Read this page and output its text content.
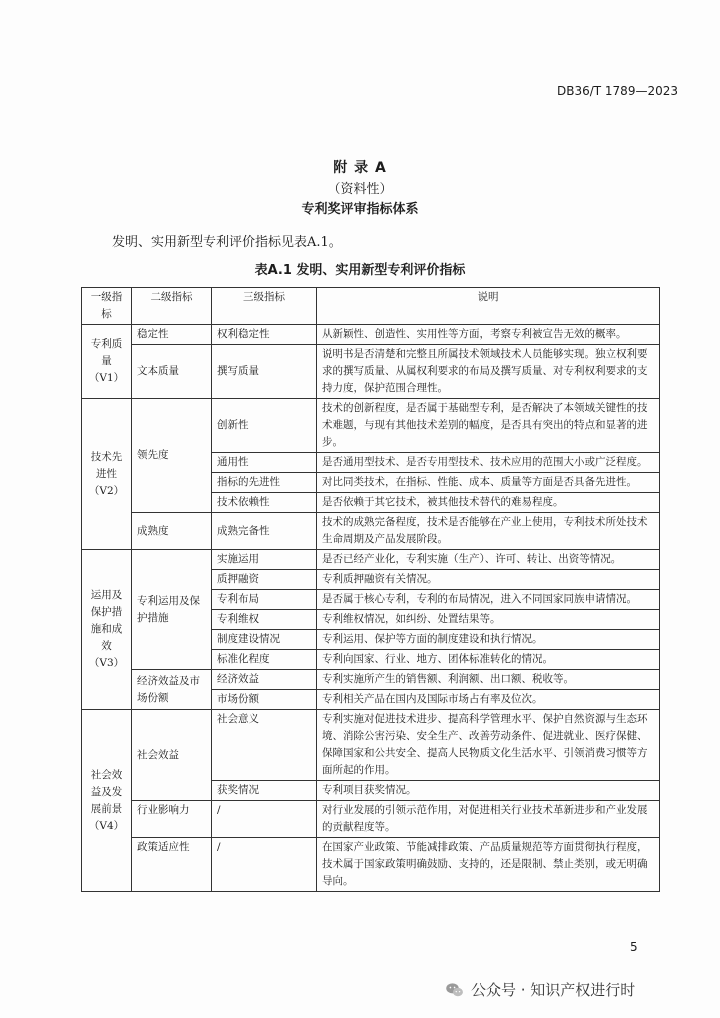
DB36/T 1789—2023
附 录 A
（资料性）
专利奖评审指标体系
发明、实用新型专利评价指标见表A.1。
表A.1 发明、实用新型专利评价指标
一级指标	二级指标	三级指标	说明
专利质量（V1）	稳定性	权利稳定性	从新颖性、创造性、实用性等方面，考察专利被宣告无效的概率。
	文本质量	撰写质量	说明书是否清楚和完整且所属技术领域技术人员能够实现。独立权利要求的撰写质量、从属权利要求的布局及撰写质量、对专利权利要求的支持力度，保护范围合理性。
技术先进性（V2）	领先度	创新性	技术的创新程度，是否属于基础型专利，是否解决了本领域关键性的技术难题，与现有其他技术差别的幅度，是否具有突出的特点和显著的进步。
		通用性	是否通用型技术、是否专用型技术、技术应用的范围大小或广泛程度。
		指标的先进性	对比同类技术，在指标、性能、成本、质量等方面是否具备先进性。
		技术依赖性	是否依赖于其它技术，被其他技术替代的难易程度。
	成熟度	成熟完备性	技术的成熟完备程度，技术是否能够在产业上使用，专利技术所处技术生命周期及产品发展阶段。
运用及保护措施和成效（V3）	专利运用及保护措施	实施运用	是否已经产业化，专利实施（生产）、许可、转让、出资等情况。
		质押融资	专利质押融资有关情况。
		专利布局	是否属于核心专利，专利的布局情况，进入不同国家同族申请情况。
		专利维权	专利维权情况，如纠纷、处置结果等。
		制度建设情况	专利运用、保护等方面的制度建设和执行情况。
		标准化程度	专利向国家、行业、地方、团体标准转化的情况。
	经济效益及市场份额	经济效益	专利实施所产生的销售额、利润额、出口额、税收等。
		市场份额	专利相关产品在国内及国际市场占有率及位次。
社会效益及发展前景（V4）	社会效益	社会意义	专利实施对促进技术进步、提高科学管理水平、保护自然资源与生态环境、消除公害污染、安全生产、改善劳动条件、促进就业、医疗保健、保障国家和公共安全、提高人民物质文化生活水平、引领消费习惯等方面所起的作用。
		获奖情况	专利项目获奖情况。
	行业影响力	/	对行业发展的引领示范作用，对促进相关行业技术革新进步和产业发展的贡献程度等。
	政策适应性	/	在国家产业政策、节能减排政策、产品质量规范等方面贯彻执行程度，技术属于国家政策明确鼓励、支持的，还是限制、禁止类别，或无明确导向。
5
公众号 · 知识产权进行时
